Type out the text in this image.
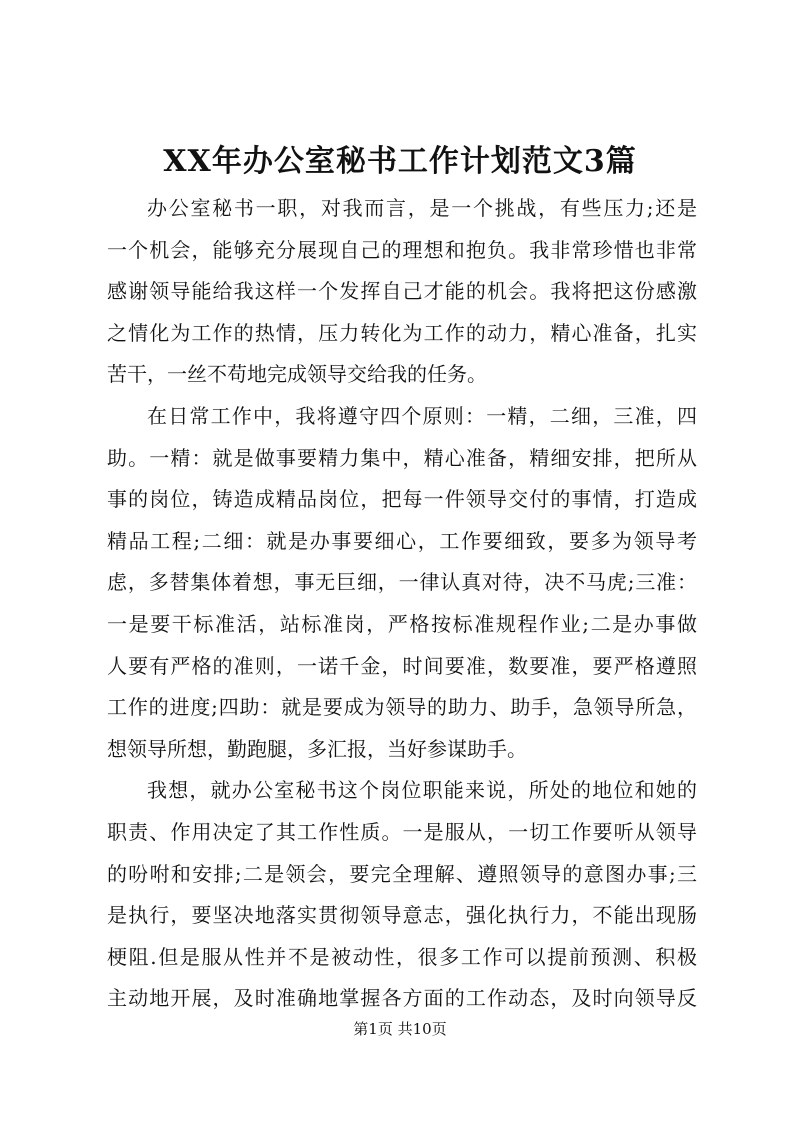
XX年办公室秘书工作计划范文3篇
办公室秘书一职，对我而言，是一个挑战，有些压力;还是
一个机会，能够充分展现自己的理想和抱负。我非常珍惜也非常
感谢领导能给我这样一个发挥自己才能的机会。我将把这份感激
之情化为工作的热情，压力转化为工作的动力，精心准备，扎实
苦干，一丝不苟地完成领导交给我的任务。
在日常工作中，我将遵守四个原则：一精，二细，三准，四
助。一精：就是做事要精力集中，精心准备，精细安排，把所从
事的岗位，铸造成精品岗位，把每一件领导交付的事情，打造成
精品工程;二细：就是办事要细心，工作要细致，要多为领导考
虑，多替集体着想，事无巨细，一律认真对待，决不马虎;三准：
一是要干标准活，站标准岗，严格按标准规程作业;二是办事做
人要有严格的准则，一诺千金，时间要准，数要准，要严格遵照
工作的进度;四助：就是要成为领导的助力、助手，急领导所急，
想领导所想，勤跑腿，多汇报，当好参谋助手。
我想，就办公室秘书这个岗位职能来说，所处的地位和她的
职责、作用决定了其工作性质。一是服从，一切工作要听从领导
的吩咐和安排;二是领会，要完全理解、遵照领导的意图办事;三
是执行，要坚决地落实贯彻领导意志，强化执行力，不能出现肠
梗阻.但是服从性并不是被动性，很多工作可以提前预测、积极
主动地开展，及时准确地掌握各方面的工作动态，及时向领导反
第1页 共10页
